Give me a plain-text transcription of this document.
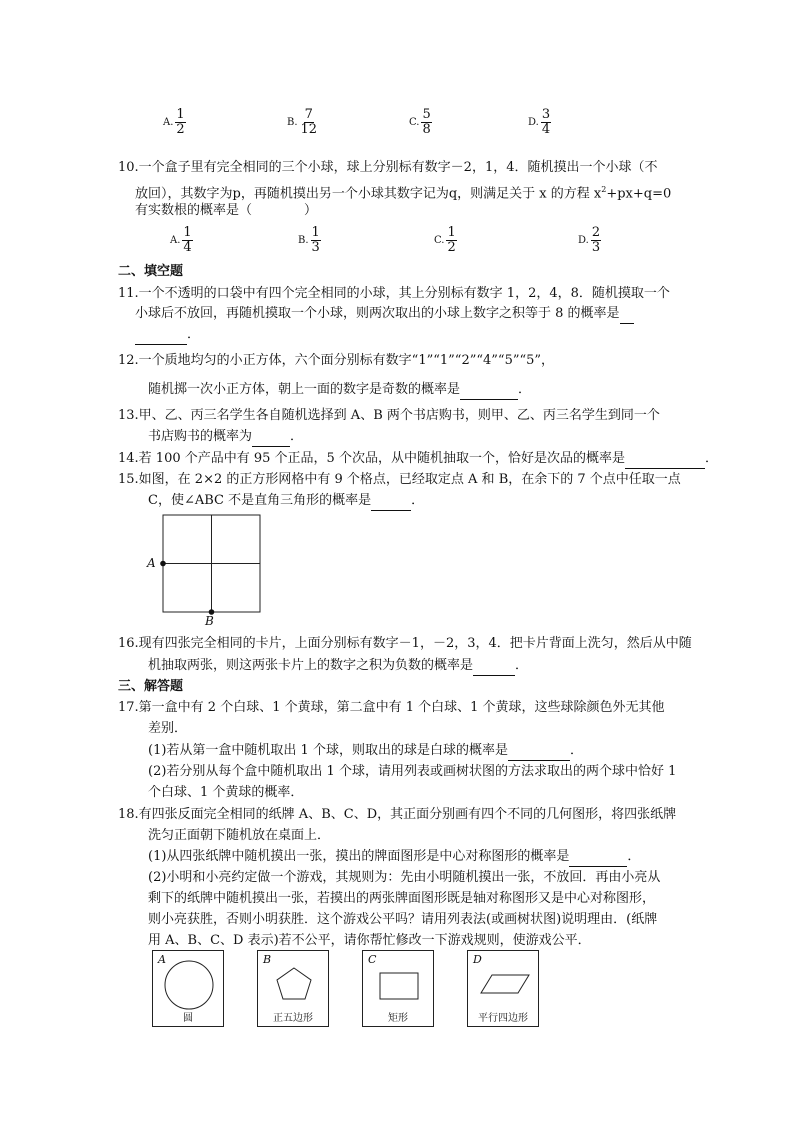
A. $\frac{1}{2}$	B. $\frac{7}{12}$	C. $\frac{5}{8}$	D. $\frac{3}{4}$
10.一个盒子里有完全相同的三个小球，球上分别标有数字－2，1，4．随机摸出一个小球（不
放回），其数字为p，再随机摸出另一个小球其数字记为q，则满足关于 x 的方程 $x^2+px+q=0$
有实数根的概率是（　　　　）
A. $\frac{1}{4}$	B. $\frac{1}{3}$	C. $\frac{1}{2}$	D. $\frac{2}{3}$
二、填空题
11.一个不透明的口袋中有四个完全相同的小球，其上分别标有数字 1，2，4，8．随机摸取一个
小球后不放回，再随机摸取一个小球，则两次取出的小球上数字之积等于 8 的概率是
．
12.一个质地均匀的小正方体，六个面分别标有数字“1”“1”“2”“4”“5”“5”，
随机掷一次小正方体，朝上一面的数字是奇数的概率是	．
13.甲、乙、丙三名学生各自随机选择到 A、B 两个书店购书，则甲、乙、丙三名学生到同一个
书店购书的概率为	．
14.若 100 个产品中有 95 个正品，5 个次品，从中随机抽取一个，恰好是次品的概率是	．
15.如图，在 2×2 的正方形网格中有 9 个格点，已经取定点 A 和 B，在余下的 7 个点中任取一点
C，使∠ABC 不是直角三角形的概率是	．
A
B
16.现有四张完全相同的卡片，上面分别标有数字－1，－2，3，4．把卡片背面上洗匀，然后从中随
机抽取两张，则这两张卡片上的数字之积为负数的概率是	．
三、解答题
17.第一盒中有 2 个白球、1 个黄球，第二盒中有 1 个白球、1 个黄球，这些球除颜色外无其他
差别．
(1)若从第一盒中随机取出 1 个球，则取出的球是白球的概率是	．
(2)若分别从每个盒中随机取出 1 个球，请用列表或画树状图的方法求取出的两个球中恰好 1
个白球、1 个黄球的概率．
18.有四张反面完全相同的纸牌 A、B、C、D，其正面分别画有四个不同的几何图形，将四张纸牌
洗匀正面朝下随机放在桌面上．
(1)从四张纸牌中随机摸出一张，摸出的牌面图形是中心对称图形的概率是	．
(2)小明和小亮约定做一个游戏，其规则为：先由小明随机摸出一张，不放回．再由小亮从
剩下的纸牌中随机摸出一张，若摸出的两张牌面图形既是轴对称图形又是中心对称图形，
则小亮获胜，否则小明获胜．这个游戏公平吗？请用列表法(或画树状图)说明理由．(纸牌
用 A、B、C、D 表示)若不公平，请你帮忙修改一下游戏规则，使游戏公平．
A
圆
B
正五边形
C
矩形
D
平行四边形
